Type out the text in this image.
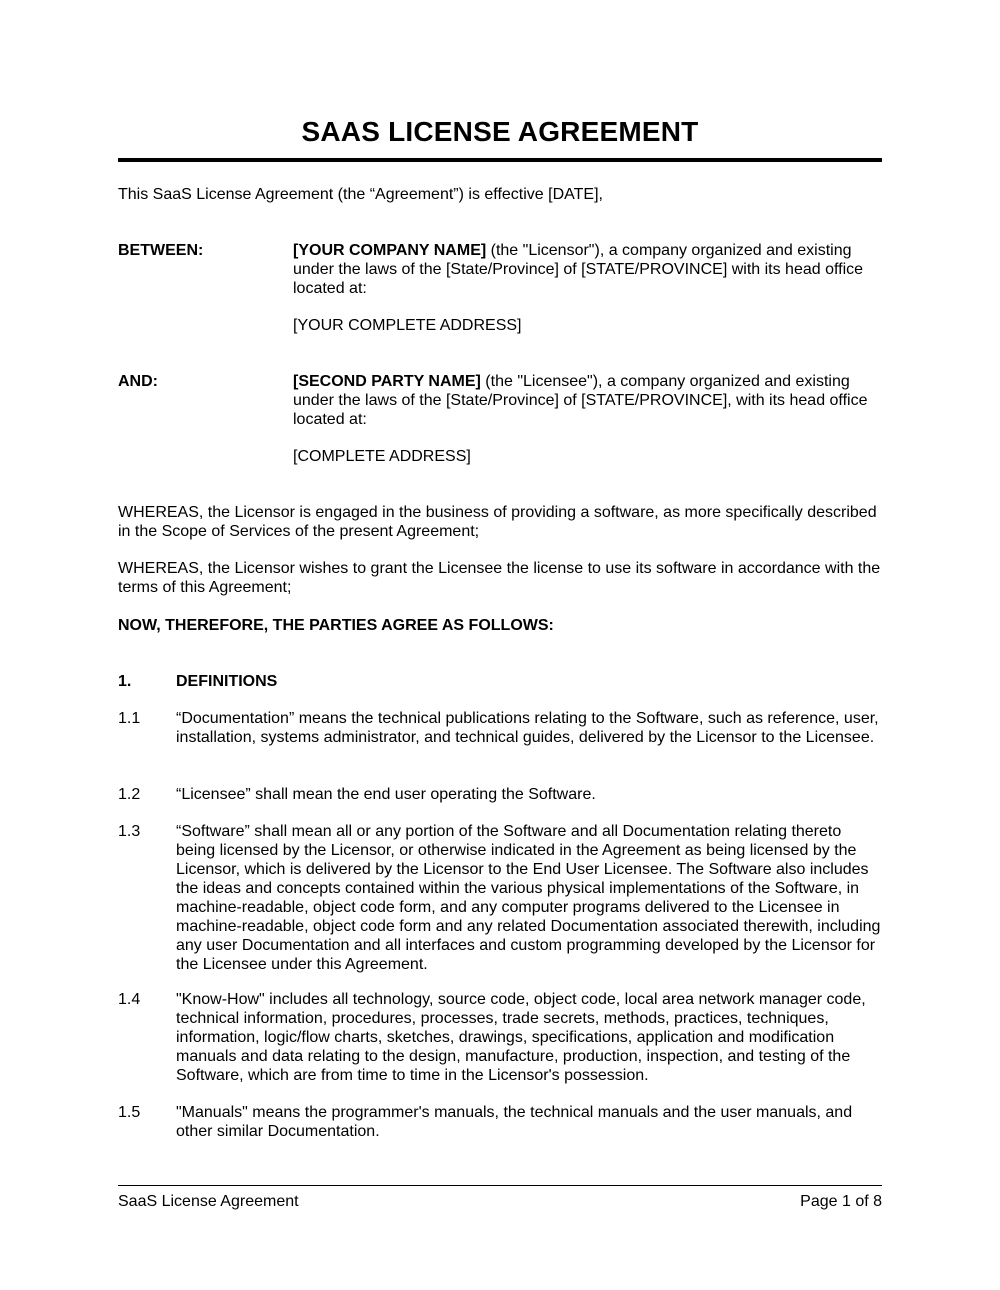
SAAS LICENSE AGREEMENT

This SaaS License Agreement (the “Agreement”) is effective [DATE],

BETWEEN:	[YOUR COMPANY NAME] (the "Licensor"), a company organized and existing under the laws of the [State/Province] of [STATE/PROVINCE] with its head office located at:

[YOUR COMPLETE ADDRESS]

AND:	[SECOND PARTY NAME] (the "Licensee"), a company organized and existing under the laws of the [State/Province] of [STATE/PROVINCE], with its head office located at:

[COMPLETE ADDRESS]

WHEREAS, the Licensor is engaged in the business of providing a software, as more specifically described in the Scope of Services of the present Agreement;

WHEREAS, the Licensor wishes to grant the Licensee the license to use its software in accordance with the terms of this Agreement;

NOW, THEREFORE, THE PARTIES AGREE AS FOLLOWS:

1.	DEFINITIONS
1.1 “Documentation” means the technical publications relating to the Software, such as reference, user, installation, systems administrator, and technical guides, delivered by the Licensor to the Licensee.

1.2 “Licensee” shall mean the end user operating the Software.

1.3 “Software” shall mean all or any portion of the Software and all Documentation relating thereto being licensed by the Licensor, or otherwise indicated in the Agreement as being licensed by the Licensor, which is delivered by the Licensor to the End User Licensee. The Software also includes the ideas and concepts contained within the various physical implementations of the Software, in machine-readable, object code form, and any computer programs delivered to the Licensee in machine-readable, object code form and any related Documentation associated therewith, including any user Documentation and all interfaces and custom programming developed by the Licensor for the Licensee under this Agreement.

1.4 "Know-How" includes all technology, source code, object code, local area network manager code, technical information, procedures, processes, trade secrets, methods, practices, techniques, information, logic/flow charts, sketches, drawings, specifications, application and modification manuals and data relating to the design, manufacture, production, inspection, and testing of the Software, which are from time to time in the Licensor's possession.

1.5 "Manuals" means the programmer's manuals, the technical manuals and the user manuals, and other similar Documentation.

SaaS License Agreement	Page 1 of 8
